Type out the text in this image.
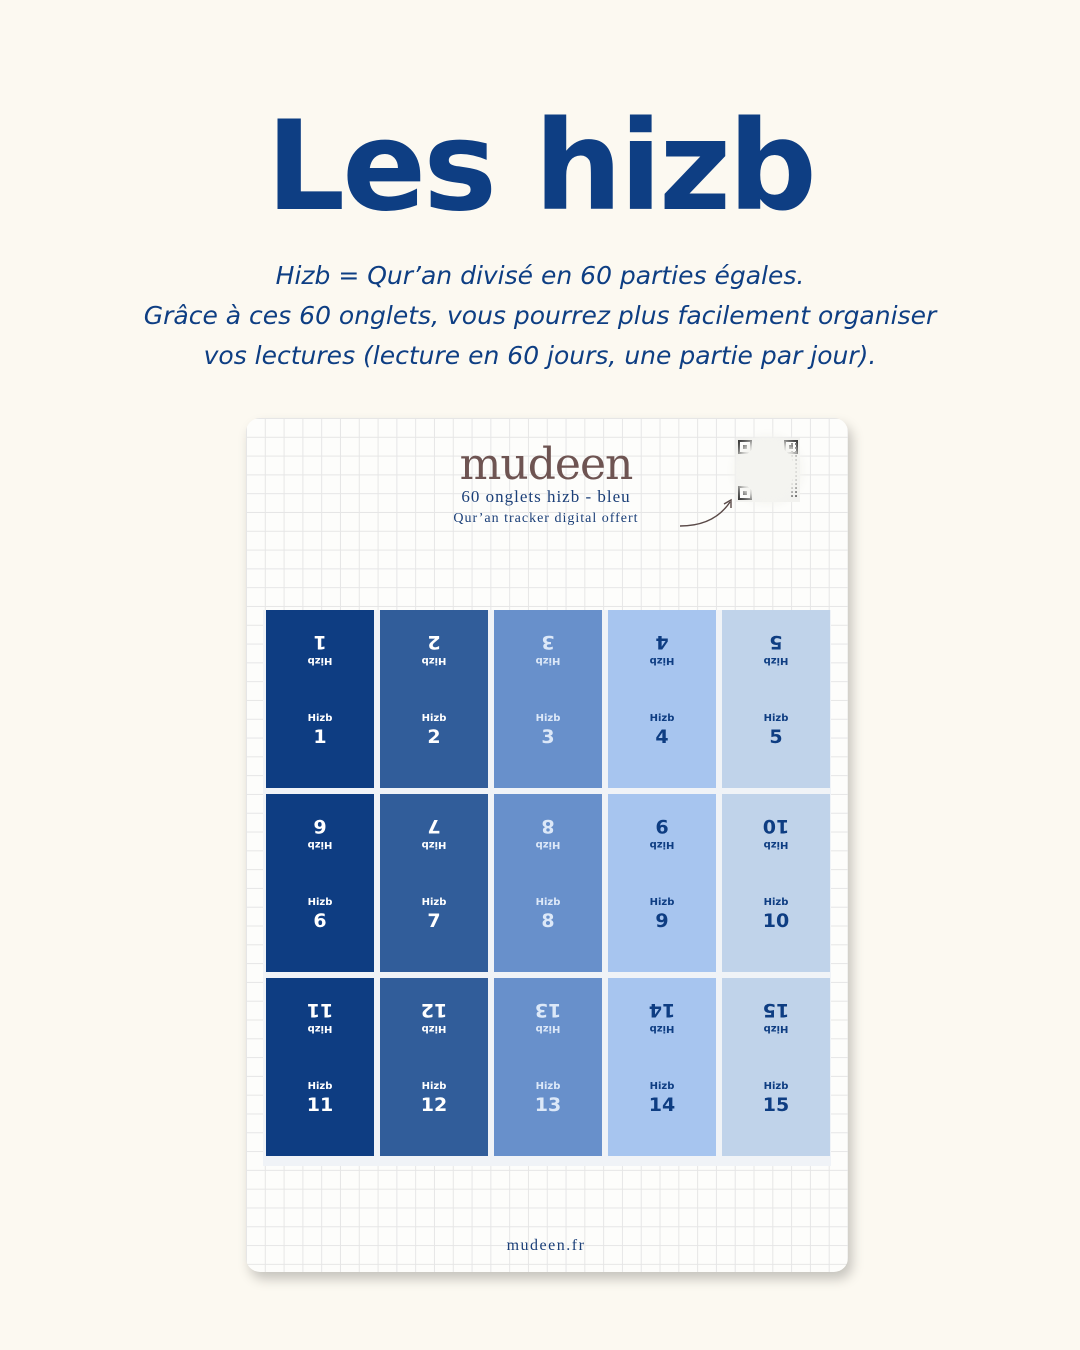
Les hizb

Hizb = Qur’an divisé en 60 parties égales.
Grâce à ces 60 onglets, vous pourrez plus facilement organiser
vos lectures (lecture en 60 jours, une partie par jour).

mudeen
60 onglets hizb - bleu
Qur’an tracker digital offert
Hizb
1
Hizb
1
Hizb
2
Hizb
2
Hizb
3
Hizb
3
Hizb
4
Hizb
4
Hizb
5
Hizb
5
Hizb
6
Hizb
6
Hizb
7
Hizb
7
Hizb
8
Hizb
8
Hizb
9
Hizb
9
Hizb
10
Hizb
10
Hizb
11
Hizb
11
Hizb
12
Hizb
12
Hizb
13
Hizb
13
Hizb
14
Hizb
14
Hizb
15
Hizb
15
mudeen.fr
